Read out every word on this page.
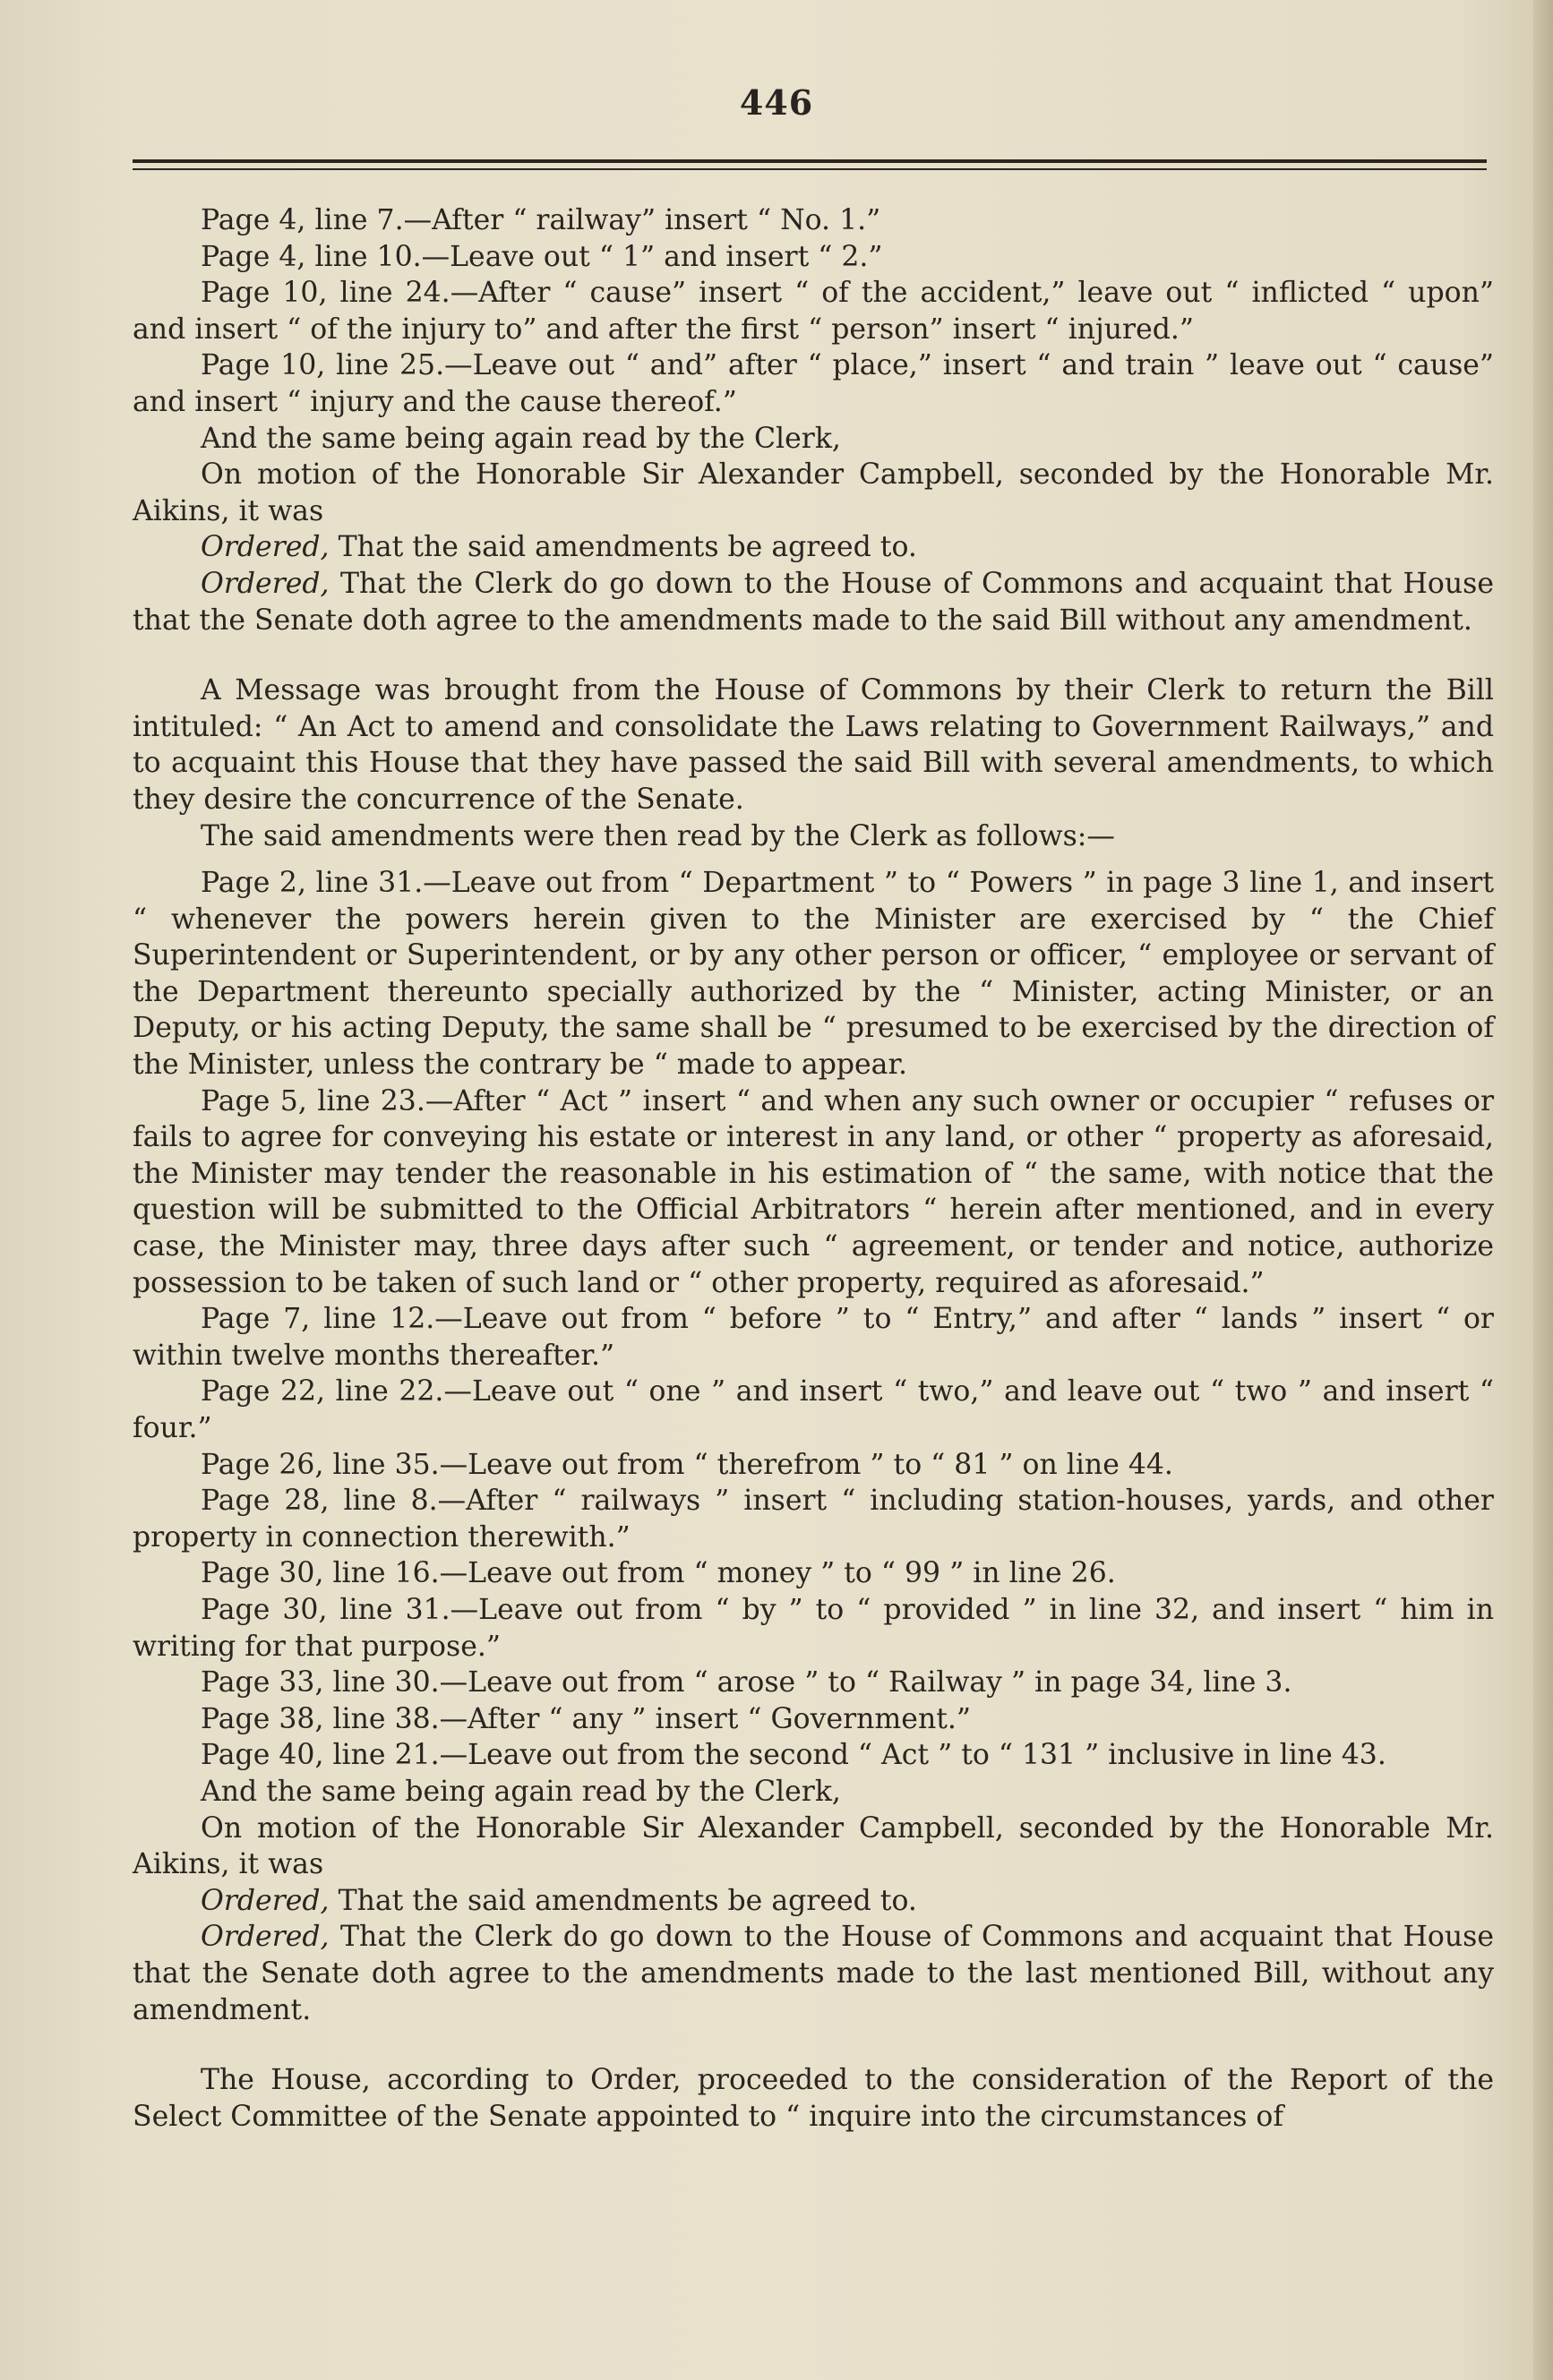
446

Page 4, line 7.—After “ railway” insert “ No. 1.”

Page 4, line 10.—Leave out “ 1” and insert “ 2.”

Page 10, line 24.—After “ cause” insert “ of the accident,” leave out “ inflicted “ upon” and insert “ of the injury to” and after the first “ person” insert “ injured.”

Page 10, line 25.—Leave out “ and” after “ place,” insert “ and train ” leave out “ cause” and insert “ injury and the cause thereof.”

And the same being again read by the Clerk,

On motion of the Honorable Sir Alexander Campbell, seconded by the Honorable Mr. Aikins, it was

Ordered, That the said amendments be agreed to.

Ordered, That the Clerk do go down to the House of Commons and acquaint that House that the Senate doth agree to the amendments made to the said Bill without any amendment.

A Message was brought from the House of Commons by their Clerk to return the Bill intituled: “ An Act to amend and consolidate the Laws relating to Government Railways,” and to acquaint this House that they have passed the said Bill with several amendments, to which they desire the concurrence of the Senate.

The said amendments were then read by the Clerk as follows:—

Page 2, line 31.—Leave out from “ Department ” to “ Powers ” in page 3 line 1, and insert “ whenever the powers herein given to the Minister are exercised by “ the Chief Superintendent or Superintendent, or by any other person or officer, “ employee or servant of the Department thereunto specially authorized by the “ Minister, acting Minister, or an Deputy, or his acting Deputy, the same shall be “ presumed to be exercised by the direction of the Minister, unless the contrary be “ made to appear.

Page 5, line 23.—After “ Act ” insert “ and when any such owner or occupier “ refuses or fails to agree for conveying his estate or interest in any land, or other “ property as aforesaid, the Minister may tender the reasonable in his estimation of “ the same, with notice that the question will be submitted to the Official Arbitrators “ herein after mentioned, and in every case, the Minister may, three days after such “ agreement, or tender and notice, authorize possession to be taken of such land or “ other property, required as aforesaid.”

Page 7, line 12.—Leave out from “ before ” to “ Entry,” and after “ lands ” insert “ or within twelve months thereafter.”

Page 22, line 22.—Leave out “ one ” and insert “ two,” and leave out “ two ” and insert “ four.”

Page 26, line 35.—Leave out from “ therefrom ” to “ 81 ” on line 44.

Page 28, line 8.—After “ railways ” insert “ including station-houses, yards, and other property in connection therewith.”

Page 30, line 16.—Leave out from “ money ” to “ 99 ” in line 26.

Page 30, line 31.—Leave out from “ by ” to “ provided ” in line 32, and insert “ him in writing for that purpose.”

Page 33, line 30.—Leave out from “ arose ” to “ Railway ” in page 34, line 3.

Page 38, line 38.—After “ any ” insert “ Government.”

Page 40, line 21.—Leave out from the second “ Act ” to “ 131 ” inclusive in line 43.

And the same being again read by the Clerk,

On motion of the Honorable Sir Alexander Campbell, seconded by the Honorable Mr. Aikins, it was

Ordered, That the said amendments be agreed to.

Ordered, That the Clerk do go down to the House of Commons and acquaint that House that the Senate doth agree to the amendments made to the last mentioned Bill, without any amendment.

The House, according to Order, proceeded to the consideration of the Report of the Select Committee of the Senate appointed to “ inquire into the circumstances of
